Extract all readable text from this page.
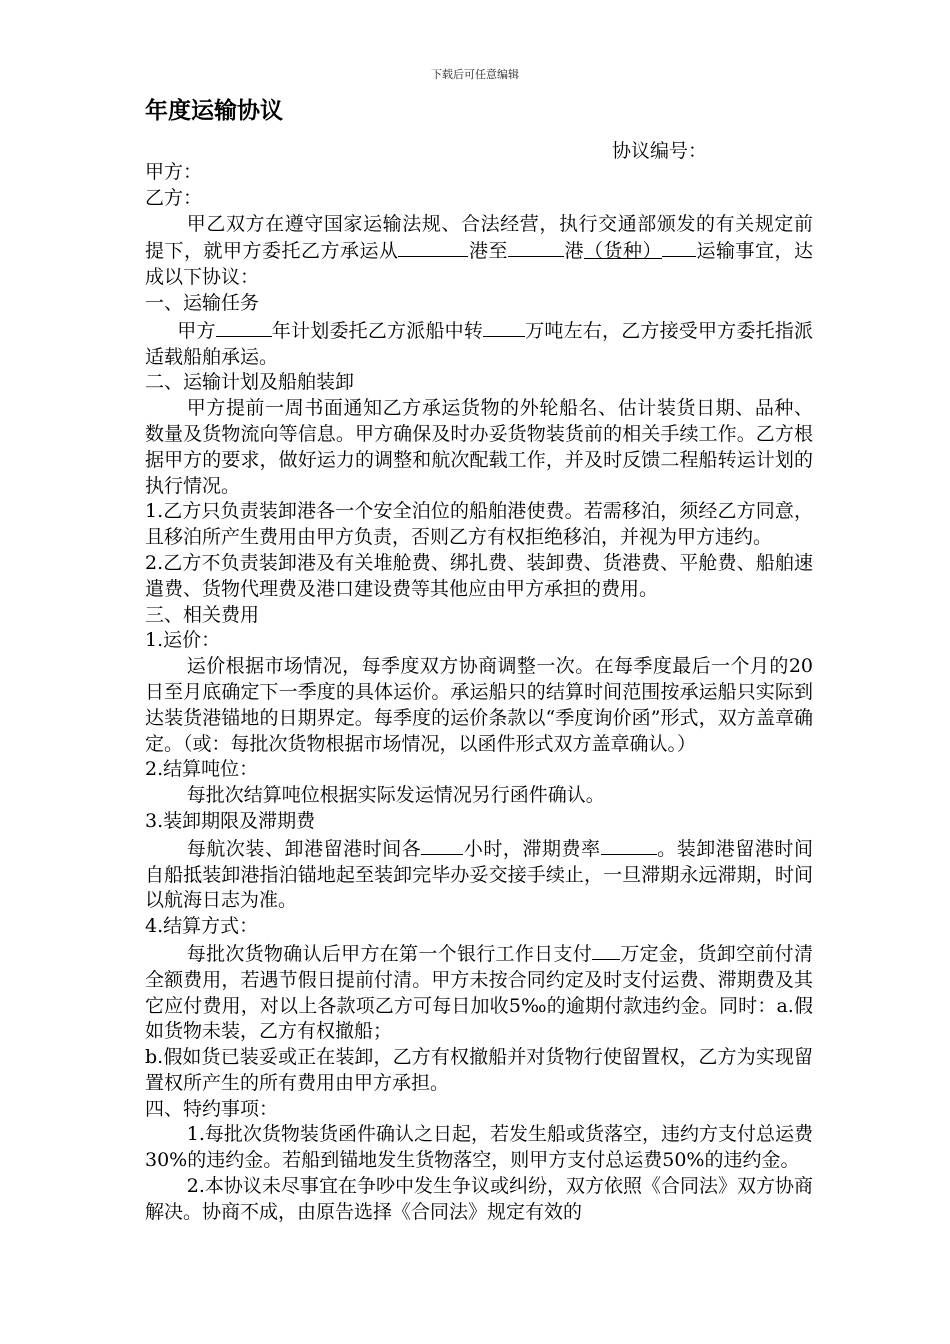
下载后可任意编辑
年度运输协议
协议编号：

甲方：

乙方：

甲乙双方在遵守国家运输法规、合法经营，执行交通部颁发的有关规定前提下，就甲方委托乙方承运从	港至	港（货种） 运输事宜，达成以下协议：

一、运输任务

甲方	年计划委托乙方派船中转 万吨左右，乙方接受甲方委托指派适载船舶承运。

二、运输计划及船舶装卸

甲方提前一周书面通知乙方承运货物的外轮船名、估计装货日期、品种、数量及货物流向等信息。甲方确保及时办妥货物装货前的相关手续工作。乙方根据甲方的要求，做好运力的调整和航次配载工作，并及时反馈二程船转运计划的执行情况。

1.乙方只负责装卸港各一个安全泊位的船舶港使费。若需移泊，须经乙方同意，且移泊所产生费用由甲方负责，否则乙方有权拒绝移泊，并视为甲方违约。

2.乙方不负责装卸港及有关堆舱费、绑扎费、装卸费、货港费、平舱费、船舶速遣费、货物代理费及港口建设费等其他应由甲方承担的费用。

三、相关费用

1.运价：

运价根据市场情况，每季度双方协商调整一次。在每季度最后一个月的20日至月底确定下一季度的具体运价。承运船只的结算时间范围按承运船只实际到达装货港锚地的日期界定。每季度的运价条款以“季度询价函”形式，双方盖章确定。（或：每批次货物根据市场情况，以函件形式双方盖章确认。）

2.结算吨位：

每批次结算吨位根据实际发运情况另行函件确认。

3.装卸期限及滞期费

每航次装、卸港留港时间各 小时，滞期费率	。装卸港留港时间自船抵装卸港指泊锚地起至装卸完毕办妥交接手续止，一旦滞期永远滞期，时间以航海日志为准。

4.结算方式：

每批次货物确认后甲方在第一个银行工作日支付 万定金，货卸空前付清全额费用，若遇节假日提前付清。甲方未按合同约定及时支付运费、滞期费及其它应付费用，对以上各款项乙方可每日加收5‰的逾期付款违约金。同时：a.假如货物未装，乙方有权撤船；

b.假如货已装妥或正在装卸，乙方有权撤船并对货物行使留置权，乙方为实现留置权所产生的所有费用由甲方承担。

四、特约事项：

1.每批次货物装货函件确认之日起，若发生船或货落空，违约方支付总运费30%的违约金。若船到锚地发生货物落空，则甲方支付总运费50%的违约金。

2.本协议未尽事宜在争吵中发生争议或纠纷，双方依照《合同法》双方协商解决。协商不成，由原告选择《合同法》规定有效的
